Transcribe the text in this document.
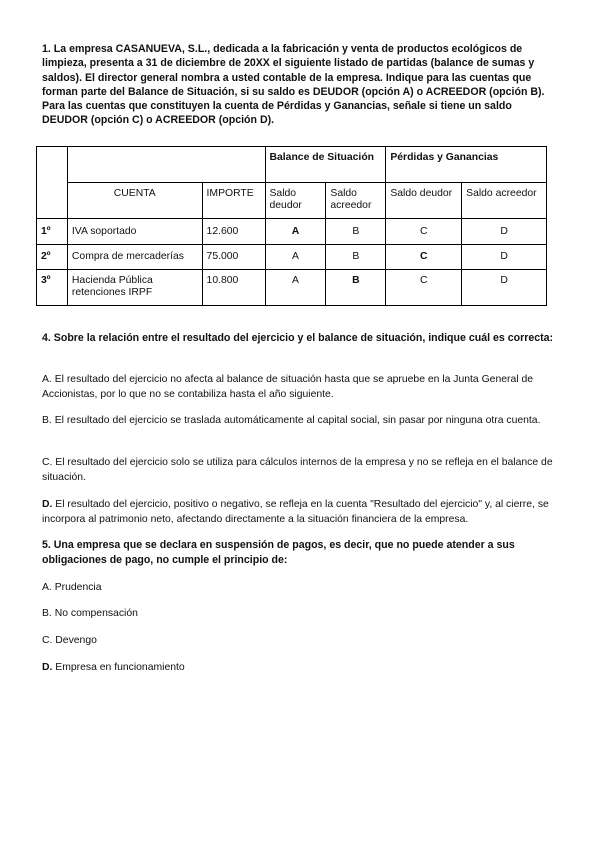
1. La empresa CASANUEVA, S.L., dedicada a la fabricación y venta de productos ecológicos de limpieza, presenta a 31 de diciembre de 20XX el siguiente listado de partidas (balance de sumas y saldos). El director general nombra a usted contable de la empresa. Indique para las cuentas que forman parte del Balance de Situación, si su saldo es DEUDOR (opción A) o ACREEDOR (opción B). Para las cuentas que constituyen la cuenta de Pérdidas y Ganancias, señale si tiene un saldo DEUDOR (opción C) o ACREEDOR (opción D).
			Balance de Situación		Pérdidas y Ganancias	
	CUENTA	IMPORTE	Saldo deudor	Saldo acreedor	Saldo deudor	Saldo acreedor
1º	IVA soportado	12.600	A	B	C	D
2º	Compra de mercaderías	75.000	A	B	C	D
3º	Hacienda Pública retenciones IRPF	10.800	A	B	C	D
4. Sobre la relación entre el resultado del ejercicio y el balance de situación, indique cuál es correcta:
A. El resultado del ejercicio no afecta al balance de situación hasta que se apruebe en la Junta General de Accionistas, por lo que no se contabiliza hasta el año siguiente.
B. El resultado del ejercicio se traslada automáticamente al capital social, sin pasar por ninguna otra cuenta.
C. El resultado del ejercicio solo se utiliza para cálculos internos de la empresa y no se refleja en el balance de situación.
D. El resultado del ejercicio, positivo o negativo, se refleja en la cuenta "Resultado del ejercicio" y, al cierre, se incorpora al patrimonio neto, afectando directamente a la situación financiera de la empresa.
5. Una empresa que se declara en suspensión de pagos, es decir, que no puede atender a sus obligaciones de pago, no cumple el principio de:
A. Prudencia
B. No compensación
C. Devengo
D. Empresa en funcionamiento
